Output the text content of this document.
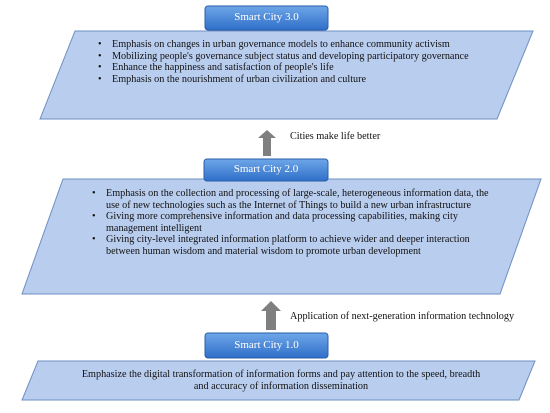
Smart City 3.0
• Emphasis on changes in urban governance models to enhance community activism
• Mobilizing people's governance subject status and developing participatory governance
• Enhance the happiness and satisfaction of people's life
• Emphasis on the nourishment of urban civilization and culture
Cities make life better
Smart City 2.0
• Emphasis on the collection and processing of large-scale, heterogeneous information data, the use of new technologies such as the Internet of Things to build a new urban infrastructure
• Giving more comprehensive information and data processing capabilities, making city management intelligent
• Giving city-level integrated information platform to achieve wider and deeper interaction between human wisdom and material wisdom to promote urban development
Application of next-generation information technology
Smart City 1.0
Emphasize the digital transformation of information forms and pay attention to the speed, breadth and accuracy of information dissemination
